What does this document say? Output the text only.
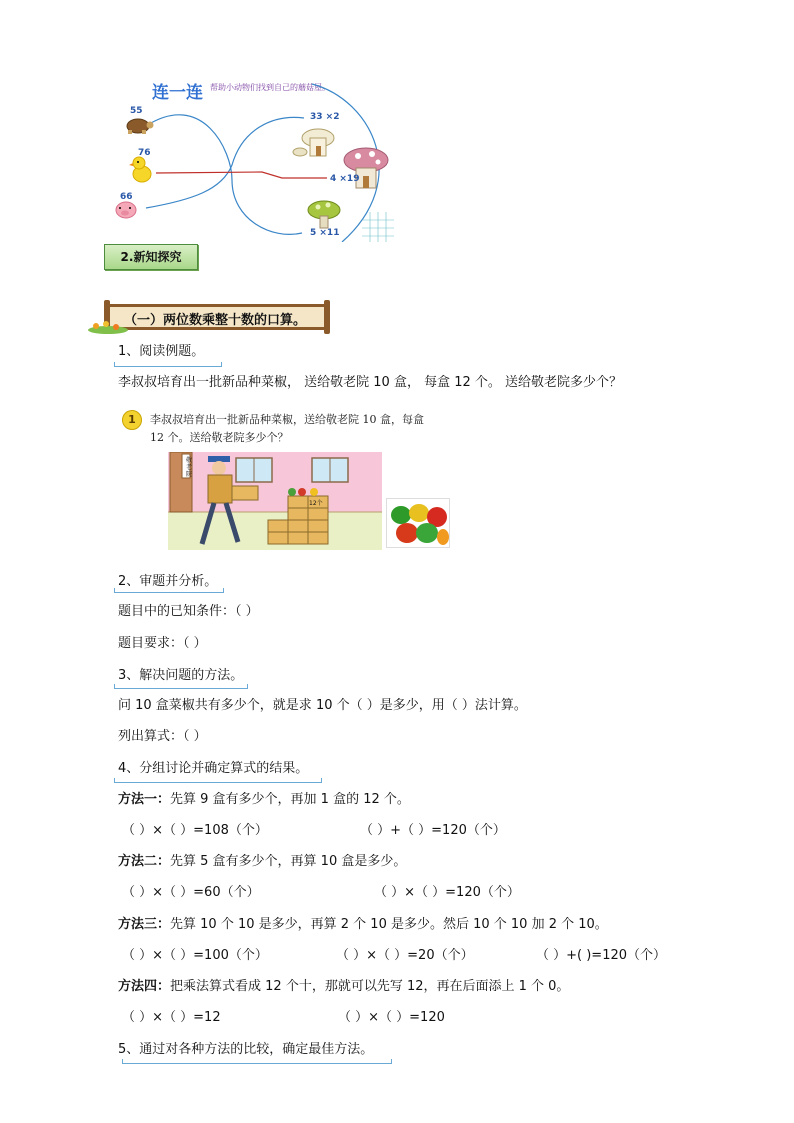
连一连 帮助小动物们找到自己的蘑菇屋。
55
76
66
33 ×2
4 ×19
5 ×11
2.新知探究
（一）两位数乘整十数的口算。
1、阅读例题。
李叔叔培育出一批新品种菜椒， 送给敬老院 10 盒， 每盒 12 个。 送给敬老院多少个？
1	李叔叔培育出一批新品种菜椒，送给敬老院 10 盒，每盒
12 个。送给敬老院多少个？
敬老院
12个
2、审题并分析。
题目中的已知条件：（ ）
题目要求：（ ）
3、解决问题的方法。
问 10 盒菜椒共有多少个，就是求 10 个（ ）是多少，用（ ）法计算。
列出算式：（ ）
4、分组讨论并确定算式的结果。
方法一：先算 9 盒有多少个，再加 1 盒的 12 个。
（ ）×（ ）=108（个）	（ ）+（ ）=120（个）
方法二：先算 5 盒有多少个，再算 10 盒是多少。
（ ）×（ ）=60（个）	（ ）×（ ）=120（个）
方法三：先算 10 个 10 是多少，再算 2 个 10 是多少。然后 10 个 10 加 2 个 10。
（ ）×（ ）=100（个）	（ ）×（ ）=20（个）	（ ）+( )=120（个）
方法四：把乘法算式看成 12 个十，那就可以先写 12，再在后面添上 1 个 0。
（ ）×（ ）=12	（ ）×（ ）=120
5、通过对各种方法的比较，确定最佳方法。
